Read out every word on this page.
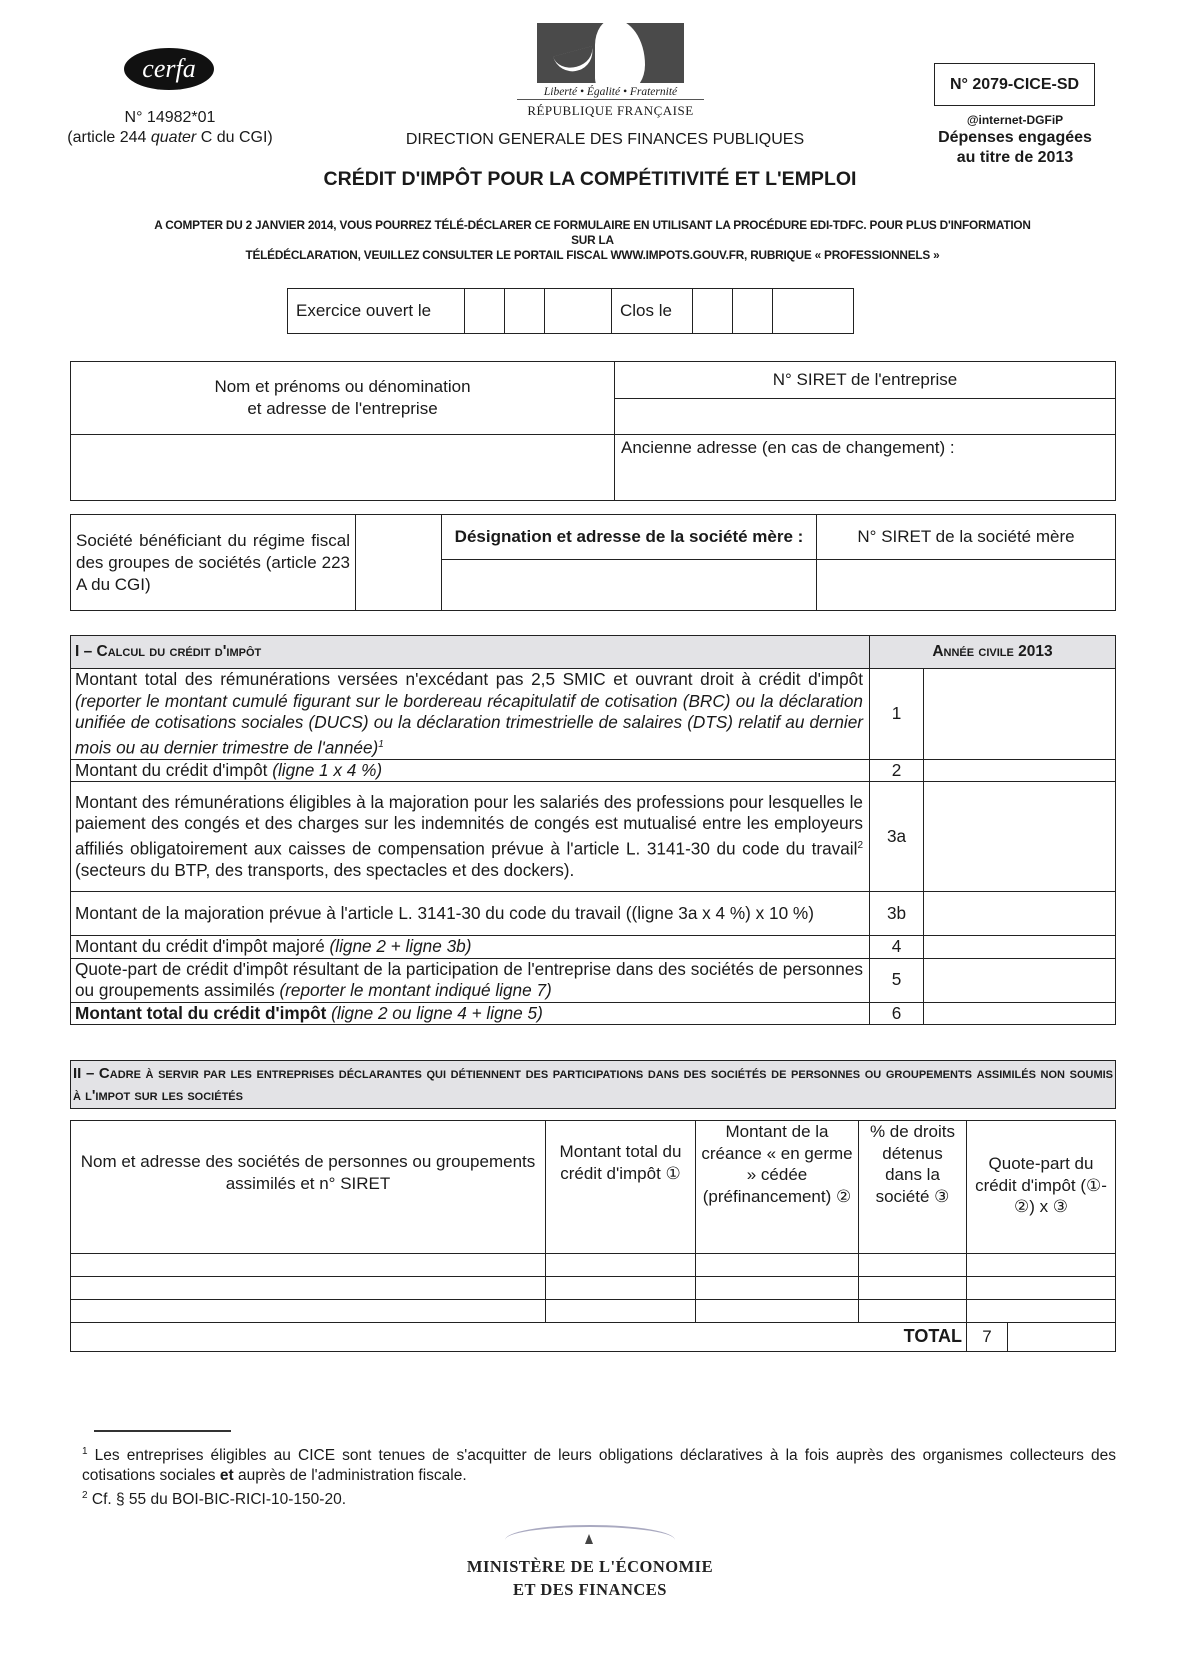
cerfa
N° 14982*01
(article 244 quater C du CGI)
Liberté • Égalité • Fraternité
RÉPUBLIQUE FRANÇAISE
DIRECTION GENERALE DES FINANCES PUBLIQUES
CRÉDIT D'IMPÔT POUR LA COMPÉTITIVITÉ ET L'EMPLOI
N° 2079-CICE-SD
@internet-DGFiP
Dépenses engagées
au titre de 2013
A COMPTER DU 2 JANVIER 2014, VOUS POURREZ TÉLÉ-DÉCLARER CE FORMULAIRE EN UTILISANT LA PROCÉDURE EDI-TDFC. POUR PLUS D'INFORMATION
SUR LA
TÉLÉDÉCLARATION, VEUILLEZ CONSULTER LE PORTAIL FISCAL WWW.IMPOTS.GOUV.FR, RUBRIQUE « PROFESSIONNELS »
Exercice ouvert le				Clos le			
Nom et prénoms ou dénomination
et adresse de l'entreprise	N° SIRET de l'entreprise

	Ancienne adresse (en cas de changement) :
Société bénéficiant du régime fiscal des groupes de sociétés (article 223 A du CGI)		Désignation et adresse de la société mère :	N° SIRET de la société mère

I – Calcul du crédit d'impôt	Année civile 2013	
Montant total des rémunérations versées n'excédant pas 2,5 SMIC et ouvrant droit à crédit d'impôt (reporter le montant cumulé figurant sur le bordereau récapitulatif de cotisation (BRC) ou la déclaration unifiée de cotisations sociales (DUCS) ou la déclaration trimestrielle de salaires (DTS) relatif au dernier mois ou au dernier trimestre de l'année)$^1$	1	
Montant du crédit d'impôt (ligne 1 x 4 %)	2	
Montant des rémunérations éligibles à la majoration pour les salariés des professions pour lesquelles le paiement des congés et des charges sur les indemnités de congés est mutualisé entre les employeurs affiliés obligatoirement aux caisses de compensation prévue à l'article L. 3141-30 du code du travail$^2$ (secteurs du BTP, des transports, des spectacles et des dockers).	3a	
Montant de la majoration prévue à l'article L. 3141-30 du code du travail ((ligne 3a x 4 %) x 10 %)	3b	
Montant du crédit d'impôt majoré (ligne 2 + ligne 3b)	4	
Quote-part de crédit d'impôt résultant de la participation de l'entreprise dans des sociétés de personnes ou groupements assimilés (reporter le montant indiqué ligne 7)	5	
Montant total du crédit d'impôt (ligne 2 ou ligne 4 + ligne 5)	6	
II – Cadre à servir par les entreprises déclarantes qui détiennent des participations dans des sociétés de personnes ou groupements assimilés non soumis à l'impot sur les sociétés
Nom et adresse des sociétés de personnes ou groupements assimilés et n° SIRET	Montant total du crédit d'impôt ①	Montant de la créance « en germe » cédée (préfinancement) ②	% de droits détenus dans la société ③	Quote-part du crédit d'impôt (①-②) x ③

			TOTAL	7
$^1$ Les entreprises éligibles au CICE sont tenues de s'acquitter de leurs obligations déclaratives à la fois auprès des organismes collecteurs des cotisations sociales et auprès de l'administration fiscale.
$^2$ Cf. § 55 du BOI-BIC-RICI-10-150-20.
MINISTÈRE DE L'ÉCONOMIE
ET DES FINANCES
